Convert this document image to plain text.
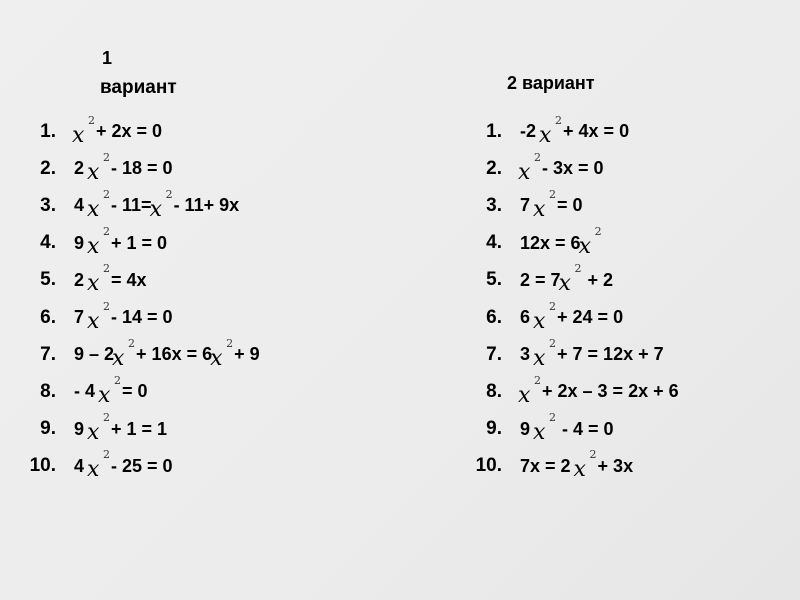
1
вариант	2 вариант
1. x
2
+ 2х = 0
2.	2
x
2
- 18 = 0
3.	4
x
2
- 11=
x
2
- 11+ 9х
4.	9
x
2
+ 1 = 0
5.	2
x
2
= 4х
6.	7
x
2
- 14 = 0
7.	9 – 2
x
2
+ 16х = 6
x
2
+ 9
8.	- 4
x
2
= 0
9.	9
x
2
+ 1 = 1
10.	4
x
2
- 25 = 0
1.	-2
x
2
+ 4х = 0
2. x
2
- 3х = 0
3.	7
x
2
= 0
4.	12х = 6
x
2
5.	2 = 7
x
2
+ 2
6.	6
x
2
+ 24 = 0
7.	3
x
2
+ 7 = 12х + 7
8. x
2
+ 2х – 3 = 2х + 6
9.	9
x
2
- 4 = 0
10.	7х = 2
x
2
+ 3х
